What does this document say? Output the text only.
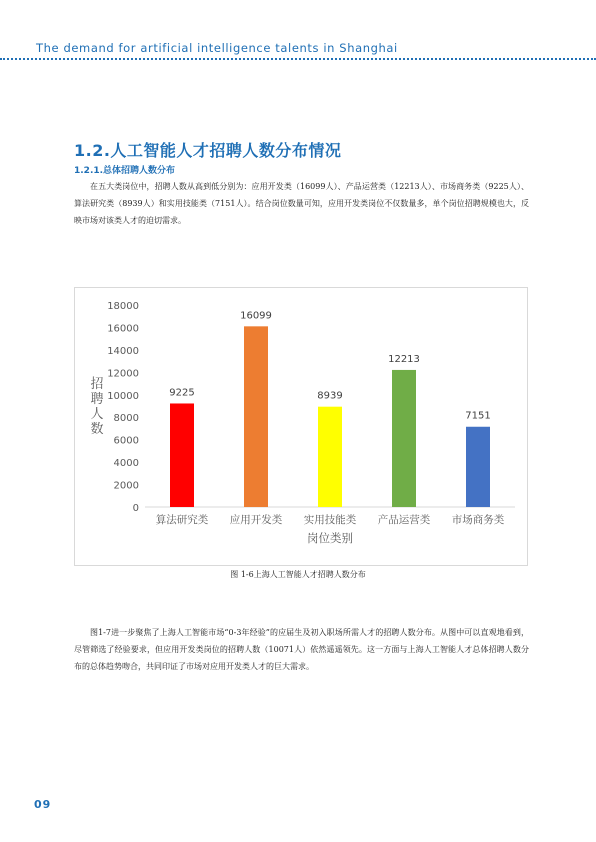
The demand for artificial intelligence talents in Shanghai
1.2.人工智能人才招聘人数分布情况
1.2.1.总体招聘人数分布
在五大类岗位中，招聘人数从高到低分别为：应用开发类（16099人）、产品运营类（12213人）、市场商务类（9225人）、算法研究类（8939人）和实用技能类（7151人）。结合岗位数量可知，应用开发类岗位不仅数量多，单个岗位招聘规模也大，反映市场对该类人才的迫切需求。
0
2000
4000
6000
8000
10000
12000
14000
16000
18000
9225
算法研究类
16099
应用开发类
8939
实用技能类
12213
产品运营类
7151
市场商务类
岗位类别
招
聘
人
数
图 1-6上海人工智能人才招聘人数分布
图1-7进一步聚焦了上海人工智能市场“0-3年经验”的应届生及初入职场所需人才的招聘人数分布。从图中可以直观地看到，尽管筛选了经验要求，但应用开发类岗位的招聘人数（10071人）依然遥遥领先。这一方面与上海人工智能人才总体招聘人数分布的总体趋势吻合，共同印证了市场对应用开发类人才的巨大需求。
09
